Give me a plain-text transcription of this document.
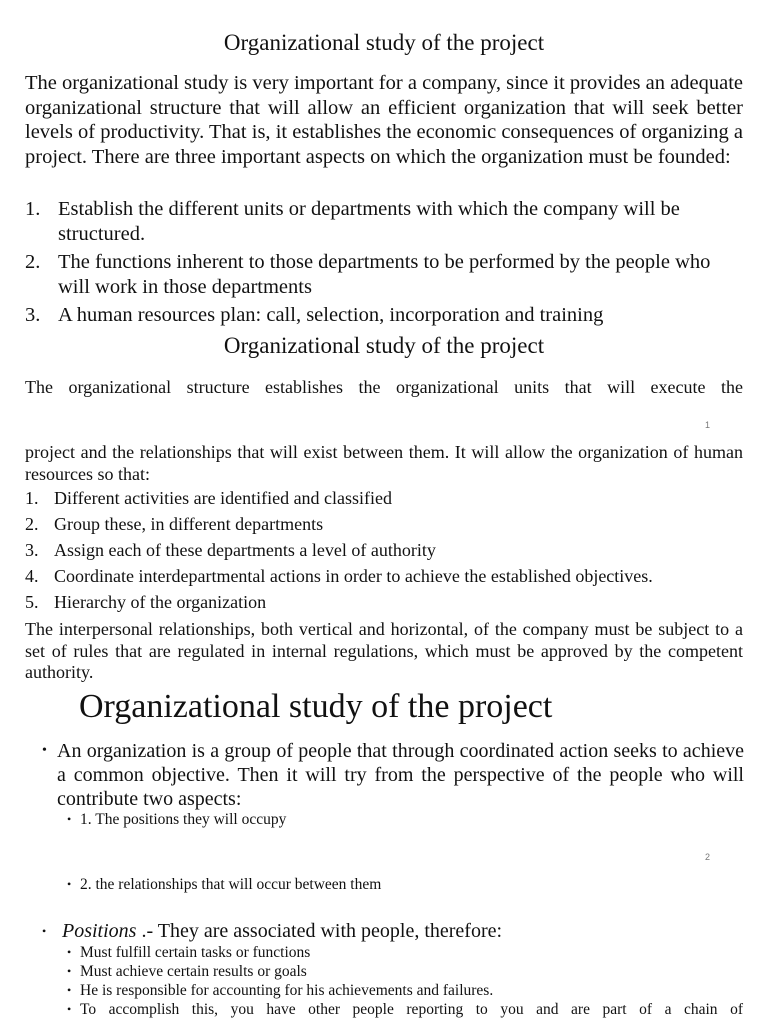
Organizational study of the project
The organizational study is very important for a company, since it provides an adequate organizational structure that will allow an efficient organization that will seek better levels of productivity. That is, it establishes the economic consequences of organizing a project. There are three important aspects on which the organization must be founded:
1. Establish the different units or departments with which the company will be structured.
2. The functions inherent to those departments to be performed by the people who will work in those departments
3. A human resources plan: call, selection, incorporation and training
Organizational study of the project
The organizational structure establishes the organizational units that will execute the
1
project and the relationships that will exist between them. It will allow the organization of human resources so that:
1. Different activities are identified and classified
2. Group these, in different departments
3. Assign each of these departments a level of authority
4. Coordinate interdepartmental actions in order to achieve the established objectives.
5. Hierarchy of the organization
The interpersonal relationships, both vertical and horizontal, of the company must be subject to a set of rules that are regulated in internal regulations, which must be approved by the competent authority.
Organizational study of the project
• An organization is a group of people that through coordinated action seeks to achieve a common objective. Then it will try from the perspective of the people who will contribute two aspects:
• 1. The positions they will occupy
2
• 2. the relationships that will occur between them
• Positions .- They are associated with people, therefore:
• Must fulfill certain tasks or functions
• Must achieve certain results or goals
• He is responsible for accounting for his achievements and failures.
• To accomplish this, you have other people reporting to you and are part of a chain of
